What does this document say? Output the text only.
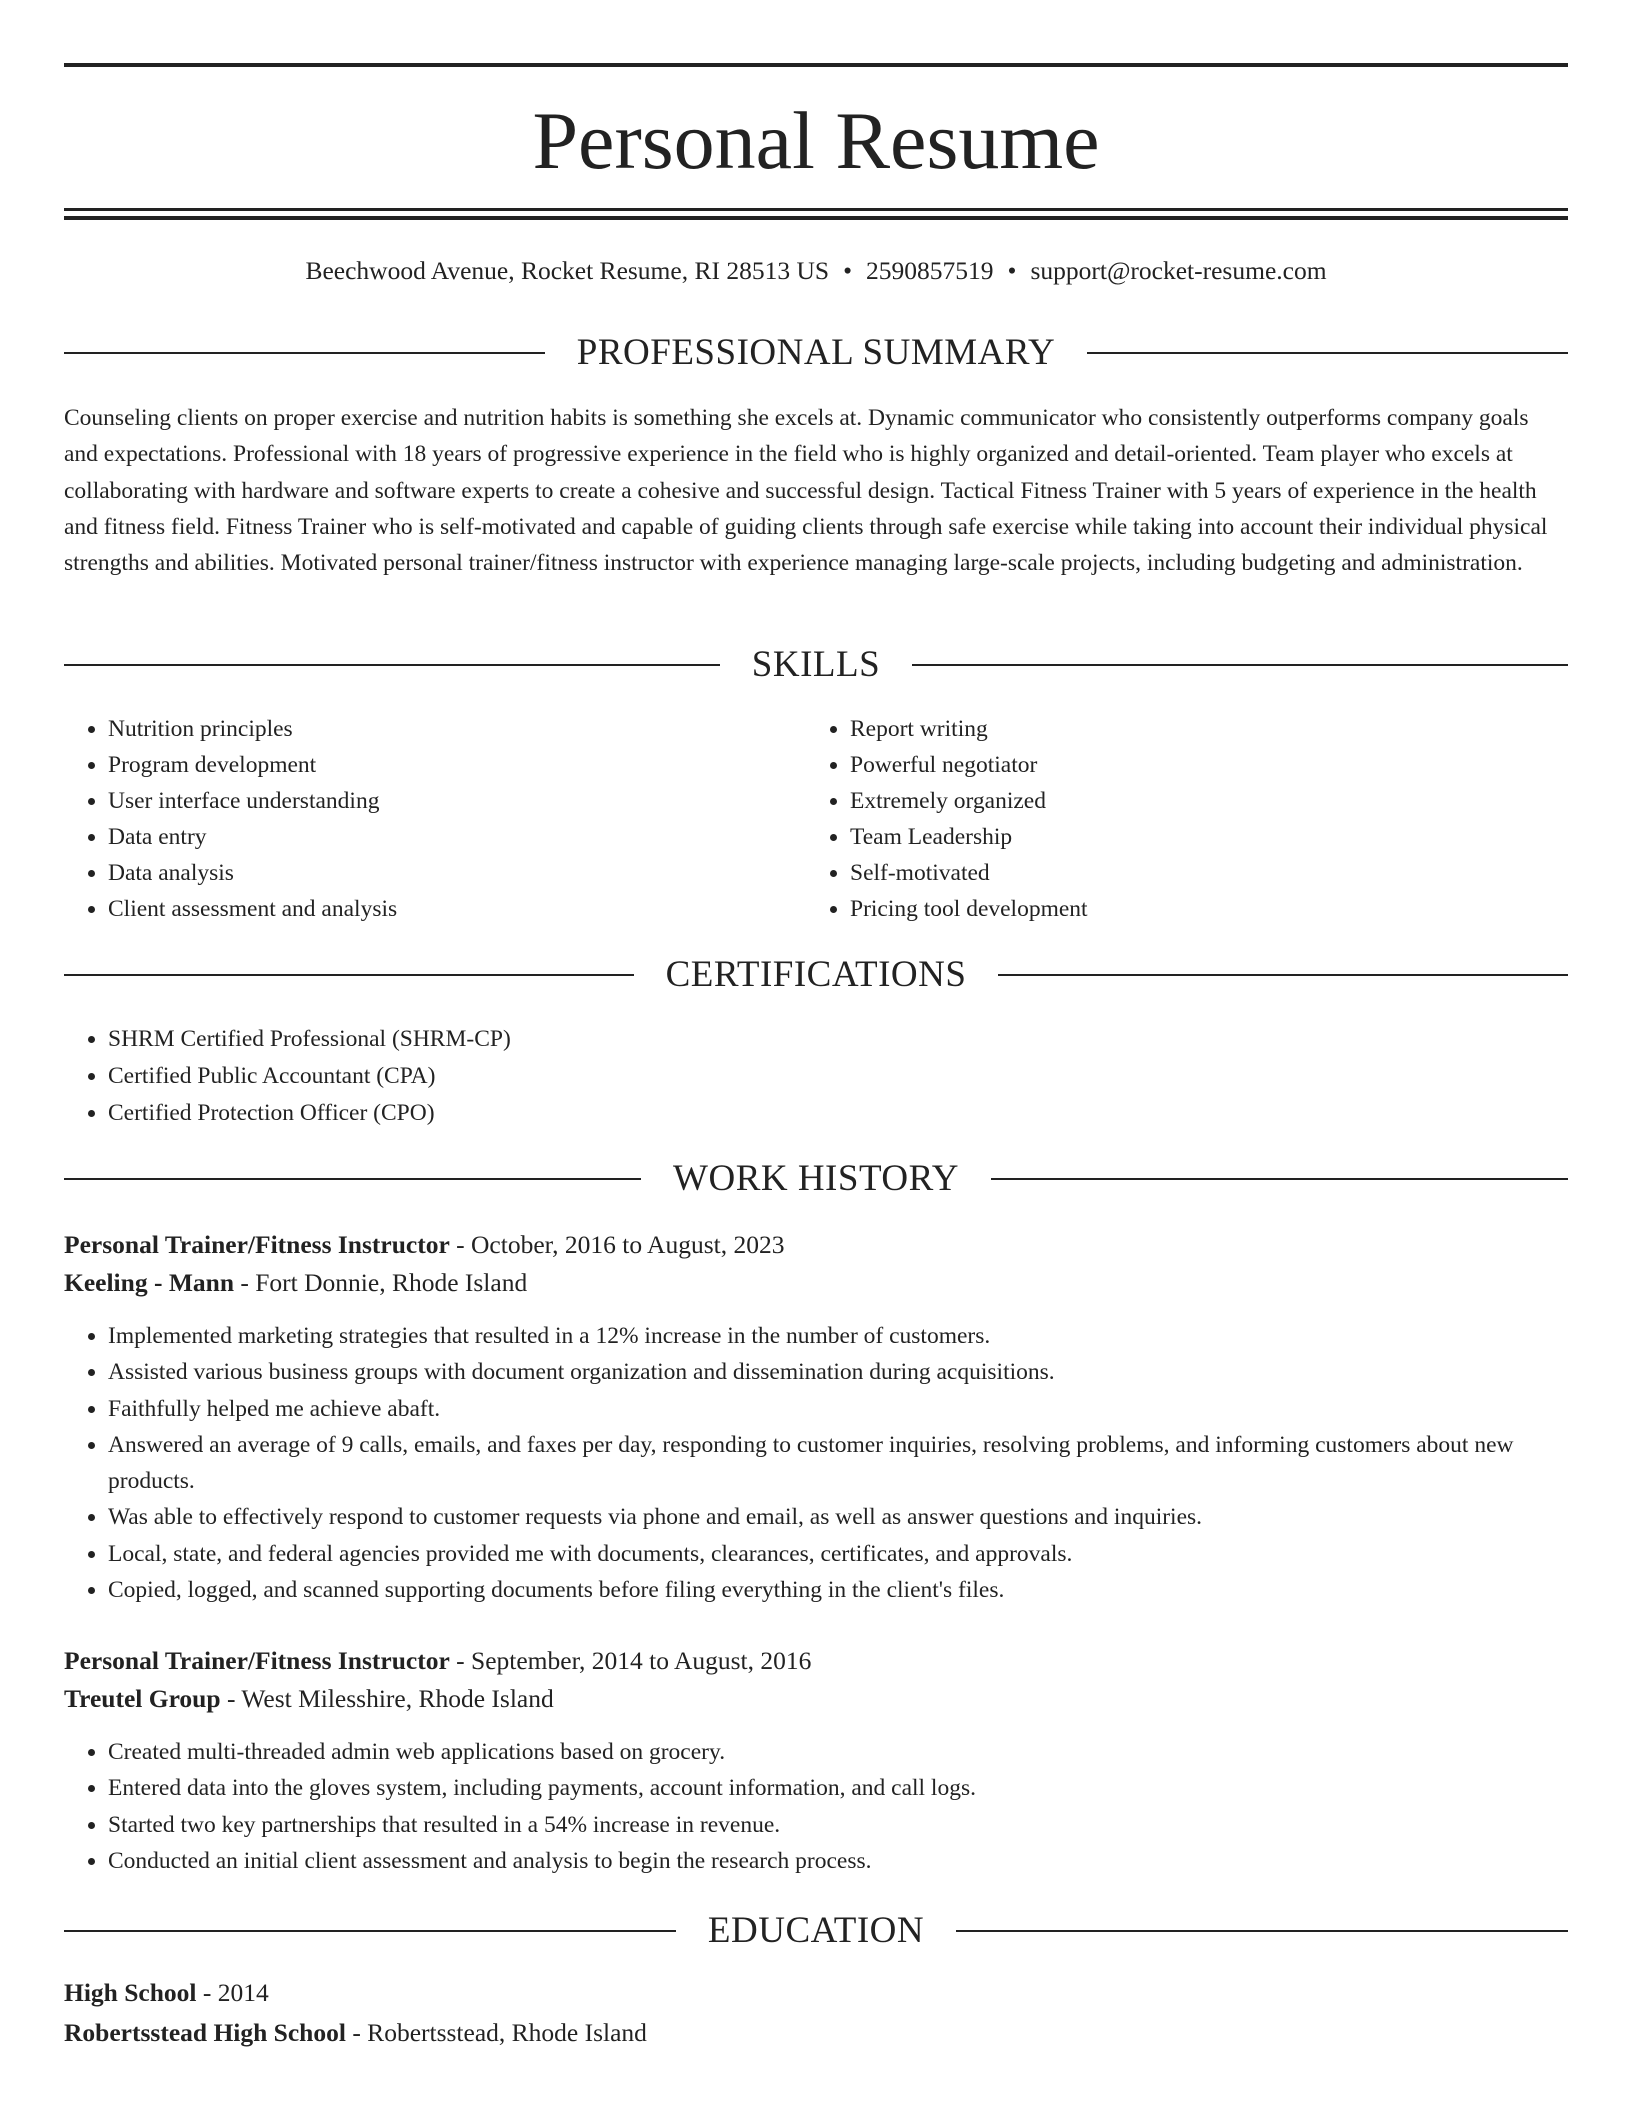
Personal Resume
Beechwood Avenue, Rocket Resume, RI 28513 US • 2590857519 • support@rocket-resume.com
PROFESSIONAL SUMMARY

Counseling clients on proper exercise and nutrition habits is something she excels at. Dynamic communicator who consistently outperforms company goals and expectations. Professional with 18 years of progressive experience in the field who is highly organized and detail-oriented. Team player who excels at collaborating with hardware and software experts to create a cohesive and successful design. Tactical Fitness Trainer with 5 years of experience in the health and fitness field. Fitness Trainer who is self-motivated and capable of guiding clients through safe exercise while taking into account their individual physical strengths and abilities. Motivated personal trainer/fitness instructor with experience managing large-scale projects, including budgeting and administration.

SKILLS
• Nutrition principles
• Program development
• User interface understanding
• Data entry
• Data analysis
• Client assessment and analysis
• Report writing
• Powerful negotiator
• Extremely organized
• Team Leadership
• Self-motivated
• Pricing tool development
CERTIFICATIONS
• SHRM Certified Professional (SHRM-CP)
• Certified Public Accountant (CPA)
• Certified Protection Officer (CPO)
WORK HISTORY
Personal Trainer/Fitness Instructor - October, 2016 to August, 2023
Keeling - Mann - Fort Donnie, Rhode Island
• Implemented marketing strategies that resulted in a 12% increase in the number of customers.
• Assisted various business groups with document organization and dissemination during acquisitions.
• Faithfully helped me achieve abaft.
• Answered an average of 9 calls, emails, and faxes per day, responding to customer inquiries, resolving problems, and informing customers about new products.
• Was able to effectively respond to customer requests via phone and email, as well as answer questions and inquiries.
• Local, state, and federal agencies provided me with documents, clearances, certificates, and approvals.
• Copied, logged, and scanned supporting documents before filing everything in the client's files.
Personal Trainer/Fitness Instructor - September, 2014 to August, 2016
Treutel Group - West Milesshire, Rhode Island
• Created multi-threaded admin web applications based on grocery.
• Entered data into the gloves system, including payments, account information, and call logs.
• Started two key partnerships that resulted in a 54% increase in revenue.
• Conducted an initial client assessment and analysis to begin the research process.
EDUCATION
High School - 2014
Robertsstead High School - Robertsstead, Rhode Island
